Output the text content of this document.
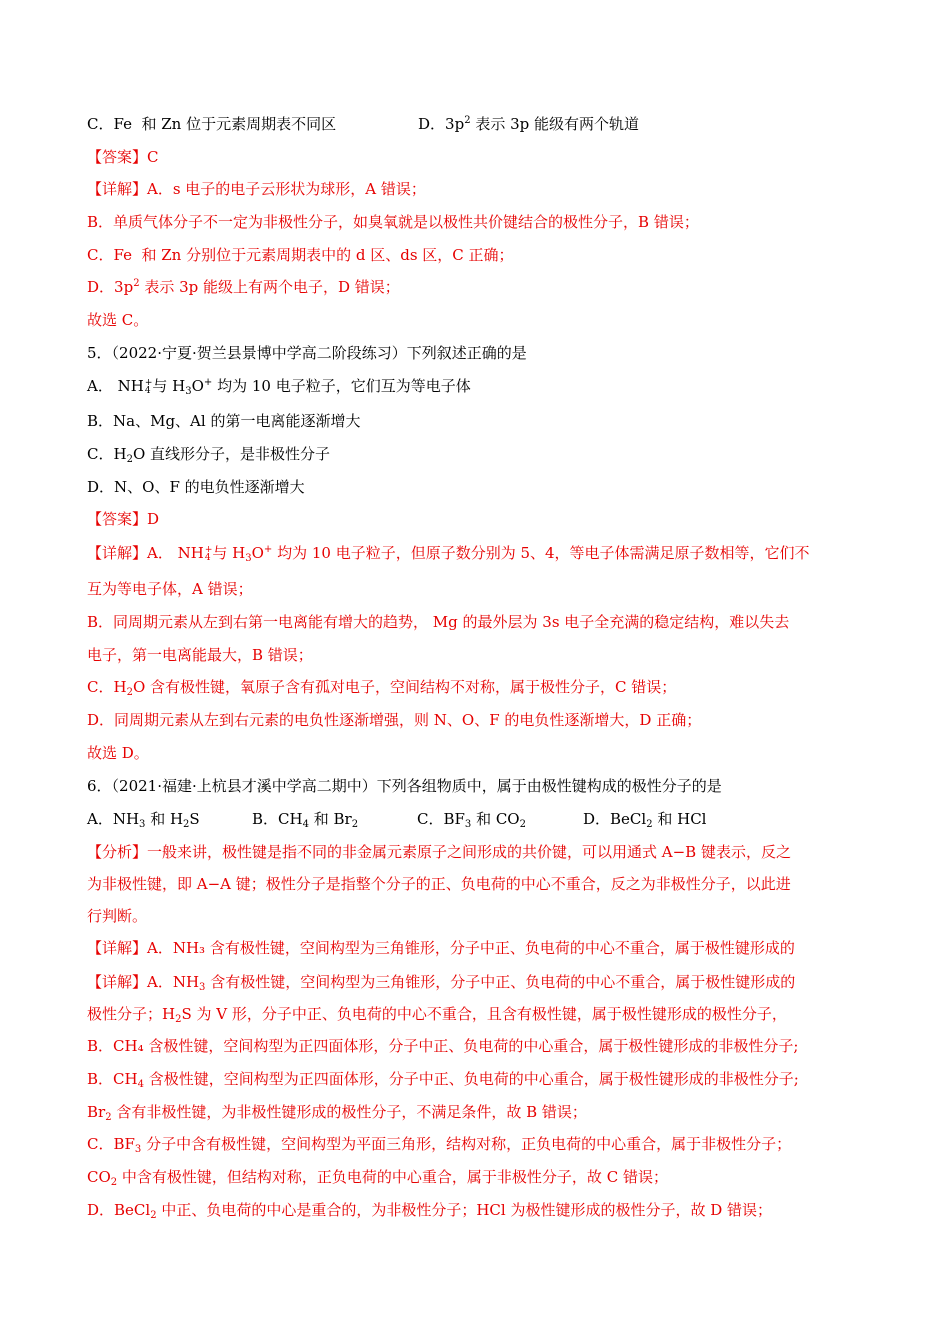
C．Fe  和 Zn 位于元素周期表不同区	D．$3p^2$ 表示 3p 能级有两个轨道
【答案】C
【详解】A．s 电子的电子云形状为球形，A 错误；
B．单质气体分子不一定为非极性分子，如臭氧就是以极性共价键结合的极性分子，B 错误；
C．Fe  和 Zn 分别位于元素周期表中的 d 区、ds 区，C 正确；
D．$3p^2$ 表示 3p 能级上有两个电子，D 错误；
故选 C。
5．（2022·宁夏·贺兰县景博中学高二阶段练习）下列叙述正确的是
A． NH +
4 与 $H_3O^+$ 均为 10 电子粒子，它们互为等电子体
B．Na、Mg、Al 的第一电离能逐渐增大
C．$H_2O$ 直线形分子，是非极性分子
D．N、O、F 的电负性逐渐增大
【答案】D
【详解】A． NH +
4 与 $H_3O^+$ 均为 10 电子粒子，但原子数分别为 5、4，等电子体需满足原子数相等，它们不
互为等电子体，A 错误；
B．同周期元素从左到右第一电离能有增大的趋势， Mg 的最外层为 3s 电子全充满的稳定结构，难以失去
电子，第一电离能最大，B 错误；
C．$H_2O$ 含有极性键，氧原子含有孤对电子，空间结构不对称，属于极性分子，C 错误；
D．同周期元素从左到右元素的电负性逐渐增强，则 N、O、F 的电负性逐渐增大，D 正确；
故选 D。
6．（2021·福建·上杭县才溪中学高二期中）下列各组物质中，属于由极性键构成的极性分子的是
A．$NH_3$ 和 $H_2S$	B．$CH_4$ 和 $Br_2$	C．$BF_3$ 和 $CO_2$	D．BeCl$_2$ 和 HCl
【分析】一般来讲，极性键是指不同的非金属元素原子之间形成的共价键，可以用通式 A−B 键表示，反之
为非极性键，即 A−A 键；极性分子是指整个分子的正、负电荷的中心不重合，反之为非极性分子，以此进
行判断。
【详解】A．NH₃ 含有极性键，空间构型为三角锥形，分子中正、负电荷的中心不重合，属于极性键形成的
【详解】A．$NH_3$ 含有极性键，空间构型为三角锥形，分子中正、负电荷的中心不重合，属于极性键形成的
极性分子；$H_2S$ 为 V 形，分子中正、负电荷的中心不重合，且含有极性键，属于极性键形成的极性分子，
B．CH₄ 含极性键，空间构型为正四面体形，分子中正、负电荷的中心重合，属于极性键形成的非极性分子;
B．$CH_4$ 含极性键，空间构型为正四面体形，分子中正、负电荷的中心重合，属于极性键形成的非极性分子;
$Br_2$ 含有非极性键，为非极性键形成的极性分子，不满足条件，故 B 错误；
C．$BF_3$ 分子中含有极性键，空间构型为平面三角形，结构对称，正负电荷的中心重合，属于非极性分子；
$CO_2$ 中含有极性键，但结构对称，正负电荷的中心重合，属于非极性分子，故 C 错误；
D．BeCl$_2$ 中正、负电荷的中心是重合的，为非极性分子；HCl 为极性键形成的极性分子，故 D 错误；
